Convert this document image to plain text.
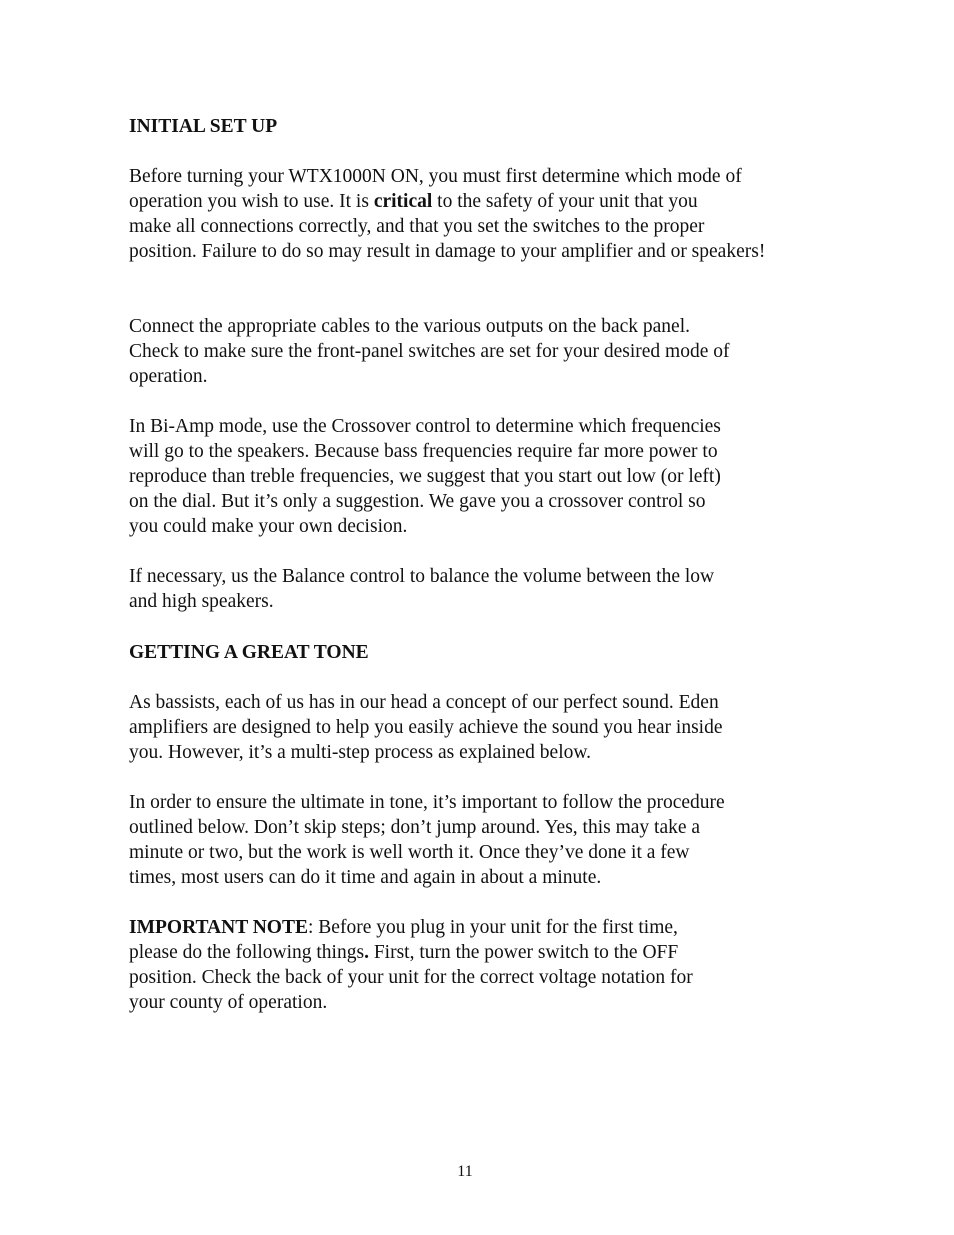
INITIAL SET UP

Before turning your WTX1000N ON, you must first determine which mode of

operation you wish to use. It is critical to the safety of your unit that you

make all connections correctly, and that you set the switches to the proper

position. Failure to do so may result in damage to your amplifier and or speakers!

Connect the appropriate cables to the various outputs on the back panel.

Check to make sure the front-panel switches are set for your desired mode of

operation.

In Bi-Amp mode, use the Crossover control to determine which frequencies

will go to the speakers. Because bass frequencies require far more power to

reproduce than treble frequencies, we suggest that you start out low (or left)

on the dial. But it’s only a suggestion. We gave you a crossover control so

you could make your own decision.

If necessary, us the Balance control to balance the volume between the low

and high speakers.

GETTING A GREAT TONE

As bassists, each of us has in our head a concept of our perfect sound. Eden

amplifiers are designed to help you easily achieve the sound you hear inside

you. However, it’s a multi-step process as explained below.

In order to ensure the ultimate in tone, it’s important to follow the procedure

outlined below. Don’t skip steps; don’t jump around. Yes, this may take a

minute or two, but the work is well worth it. Once they’ve done it a few

times, most users can do it time and again in about a minute.

IMPORTANT NOTE: Before you plug in your unit for the first time,

please do the following things. First, turn the power switch to the OFF

position. Check the back of your unit for the correct voltage notation for

your county of operation.

11
